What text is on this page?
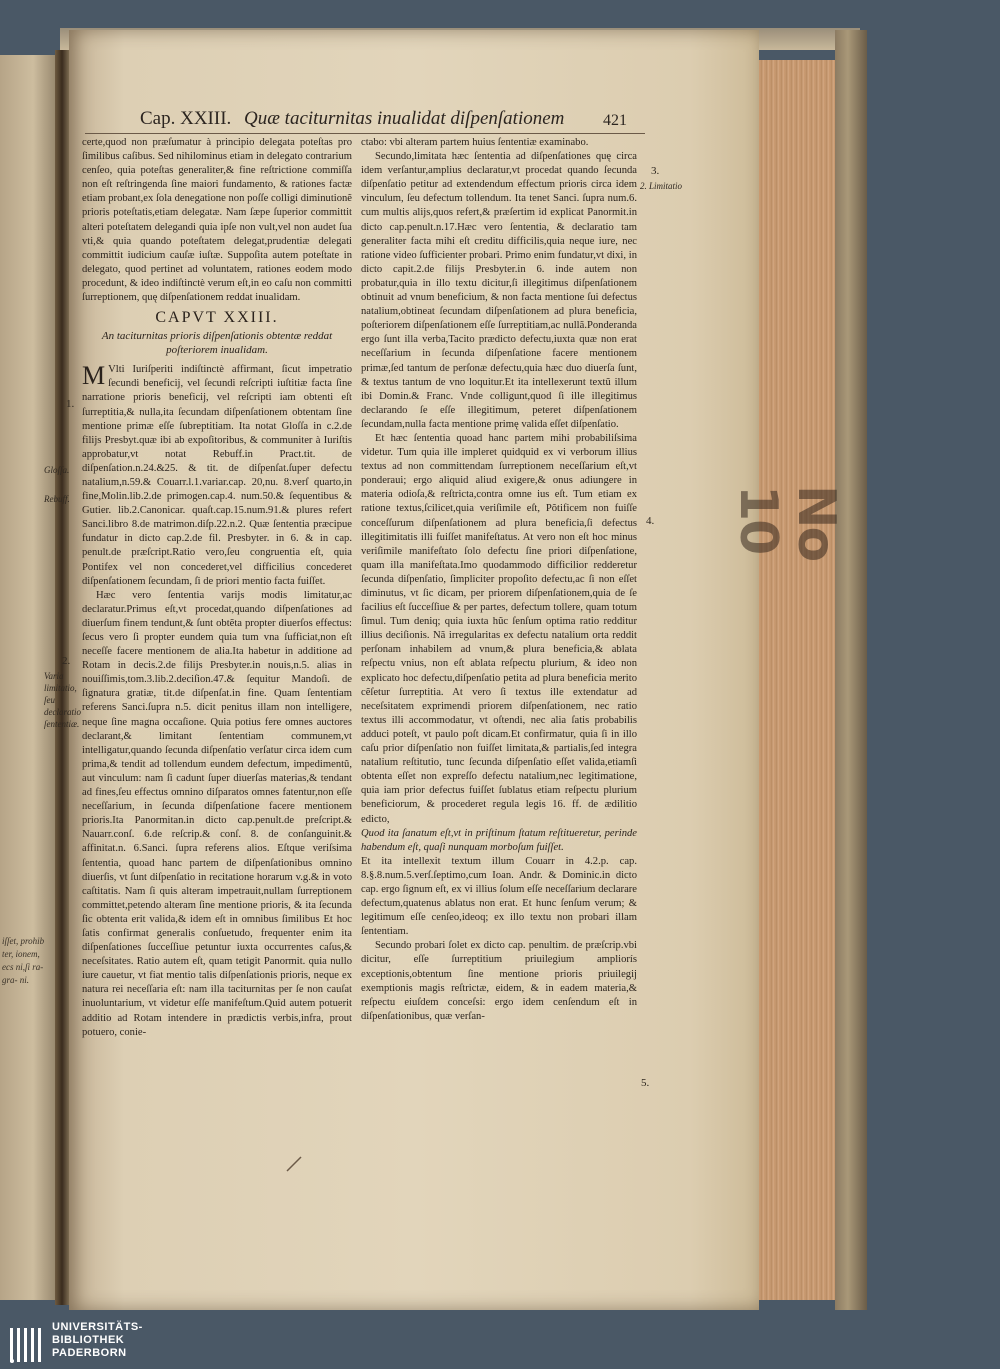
iſſet, prohib ter, ionem, ecs ni,ſi ra- gra- ni.
Cap. XXIII. Quæ taciturnitas inualidat diſpenſationem	421

certe,quod non præſumatur à principio delegata poteſtas pro ſimilibus caſibus. Sed nihilominus etiam in delegato contrarium cenſeo, quia poteſtas generaliter,& fine reſtrictione commiſſa non eſt reſtringenda ſine maiori fundamento, & rationes factæ etiam probant,ex ſola denegatione non poſſe colligi diminutionẽ prioris poteſtatis,etiam delegatæ. Nam ſæpe ſuperior committit alteri poteſtatem delegandi quia ipſe non vult,vel non audet ſua vti,& quia quando poteſtatem delegat,prudentiæ delegati committit iudicium cauſæ iuſtæ. Suppoſita autem poteſtate in delegato, quod pertinet ad voluntatem, rationes eodem modo procedunt, & ideo indiſtinctè verum eſt,in eo caſu non committi ſurreptionem, quę diſpenſationem reddat inualidam.

CAPVT XXIII.
An taciturnitas prioris diſpenſationis obtentæ reddat poſteriorem inualidam.

M Vlti Iuriſperiti indiſtinctè affirmant, ſicut impetratio ſecundi beneficij, vel ſecundi reſcripti iuſtitiæ facta ſine narratione prioris beneficij, vel reſcripti iam obtenti eſt ſurreptitia,& nulla,ita ſecundam diſpenſationem obtentam ſine mentione primæ eſſe ſubreptitiam. Ita notat Gloſſa in c.2.de filijs Presbyt.quæ ibi ab expoſitoribus, & communiter à Iuriſtis approbatur,vt notat Rebuff.in Pract.tit. de diſpenſation.n.24.&25. & tit. de diſpenſat.ſuper defectu natalium,n.59.& Couarr.l.1.variar.cap. 20,nu. 8.verſ quarto,in fine,Molin.lib.2.de primogen.cap.4. num.50.& ſequentibus & Gutier. lib.2.Canonicar. quaſt.cap.15.num.91.& plures refert Sanci.libro 8.de matrimon.diſp.22.n.2. Quæ ſententia præcipue fundatur in dicto cap.2.de fil. Presbyter. in 6. & in cap. penult.de præſcript.Ratio vero,ſeu congruentia eſt, quia Pontifex vel non concederet,vel difficilius concederet diſpenſationem ſecundam, ſi de priori mentio facta fuiſſet.

Hæc vero ſententia varijs modis limitatur,ac declaratur.Primus eſt,vt procedat,quando diſpenſationes ad diuerſum finem tendunt,& ſunt obtẽta propter diuerſos effectus: ſecus vero ſi propter eundem quia tum vna ſufficiat,non eſt neceſſe facere mentionem de alia.Ita habetur in additione ad Rotam in decis.2.de filijs Presbyter.in nouis,n.5. alias in nouiſſimis,tom.3.lib.2.deciſion.47.& ſequitur Mandoſi. de ſignatura gratiæ, tit.de diſpenſat.in fine. Quam ſententiam referens Sanci.ſupra n.5. dicit penitus illam non intelligere, neque ſine magna occaſione. Quia potius fere omnes auctores declarant,& limitant ſententiam communem,vt intelligatur,quando ſecunda diſpenſatio verſatur circa idem cum prima,& tendit ad tollendum eundem defectum, impedimentũ, aut vinculum: nam ſi cadunt ſuper diuerſas materias,& tendant ad fines,ſeu effectus omnino diſparatos omnes fatentur,non eſſe neceſſarium, in ſecunda diſpenſatione facere mentionem prioris.Ita Panormitan.in dicto cap.penult.de preſcript.& Nauarr.conſ. 6.de reſcrip.& conſ. 8. de conſanguinit.& affinitat.n. 6.Sanci. ſupra referens alios. Eſtque veriſsima ſententia, quoad hanc partem de diſpenſationibus omnino diuerſis, vt ſunt diſpenſatio in recitatione horarum v.g.& in voto caſtitatis. Nam ſi quis alteram impetrauit,nullam ſurreptionem committet,petendo alteram ſine mentione prioris, & ita ſecunda ſic obtenta erit valida,& idem eſt in omnibus ſimilibus Et hoc ſatis confirmat generalis conſuetudo, frequenter enim ita diſpenſationes ſucceſſiue petuntur iuxta occurrentes caſus,& neceſsitates. Ratio autem eſt, quam tetigit Panormit. quia nullo iure cauetur, vt fiat mentio talis diſpenſationis prioris, neque ex natura rei neceſſaria eſt: nam illa taciturnitas per ſe non cauſat inuoluntarium, vt videtur eſſe manifeſtum.Quid autem potuerit additio ad Rotam intendere in prædictis verbis,infra, prout potuero, conie-

ctabo: vbi alteram partem huius ſententiæ examinabo.

Secundo,limitata hæc ſententia ad diſpenſationes quę circa idem verſantur,amplius declaratur,vt procedat quando ſecunda diſpenſatio petitur ad extendendum effectum prioris circa idem vinculum, ſeu defectum tollendum. Ita tenet Sanci. ſupra num.6. cum multis alijs,quos refert,& præſertim id explicat Panormit.in dicto cap.penult.n.17.Hæc vero ſententia, & declaratio tam generaliter facta mihi eſt creditu difficilis,quia neque iure, nec ratione video ſufficienter probari. Primo enim fundatur,vt dixi, in dicto capit.2.de filijs Presbyter.in 6. inde autem non probatur,quia in illo textu dicitur,ſi illegitimus diſpenſationem obtinuit ad vnum beneficium, & non facta mentione ſui defectus natalium,obtineat ſecundam diſpenſationem ad plura beneficia, poſteriorem diſpenſationem eſſe ſurreptitiam,ac nullã.Ponderanda ergo ſunt illa verba,Tacito prædicto defectu,iuxta quæ non erat neceſſarium in ſecunda diſpenſatione facere mentionem primæ,ſed tantum de perſonæ defectu,quia hæc duo diuerſa ſunt, & textus tantum de vno loquitur.Et ita intellexerunt textũ illum ibi Domin.& Franc. Vnde colligunt,quod ſi ille illegitimus declarando ſe eſſe illegitimum, peteret diſpenſationem ſecundam,nulla facta mentione primę valida eſſet diſpenſatio.

Et hæc ſententia quoad hanc partem mihi probabiliſsima videtur. Tum quia ille impleret quidquid ex vi verborum illius textus ad non committendam ſurreptionem neceſſarium eſt,vt ponderaui; ergo aliquid aliud exigere,& onus adiungere in materia odioſa,& reſtricta,contra omne ius eſt. Tum etiam ex ratione textus,ſcilicet,quia veriſimile eſt, Põtificem non fuiſſe conceſſurum diſpenſationem ad plura beneficia,ſi defectus illegitimitatis illi fuiſſet manifeſtatus. At vero non eſt hoc minus veriſimile manifeſtato ſolo defectu ſine priori diſpenſatione, quam illa manifeſtata.Imo quodammodo difficilior redderetur ſecunda diſpenſatio, ſimpliciter propoſito defectu,ac ſi non eſſet diminutus, vt ſic dicam, per priorem diſpenſationem,quia de ſe facilius eſt ſucceſſiue & per partes, defectum tollere, quam totum ſimul. Tum deniq; quia iuxta hũc ſenſum optima ratio redditur illius deciſionis. Nã irregularitas ex defectu natalium orta reddit perſonam inhabilem ad vnum,& plura beneficia,& ablata reſpectu vnius, non eſt ablata reſpectu plurium, & ideo non explicato hoc defectu,diſpenſatio petita ad plura beneficia merito cẽſetur ſurreptitia. At vero ſi textus ille extendatur ad neceſsitatem exprimendi priorem diſpenſationem, nec ratio textus illi accommodatur, vt oſtendi, nec alia ſatis probabilis adduci poteſt, vt paulo poſt dicam.Et confirmatur, quia ſi in illo caſu prior diſpenſatio non fuiſſet limitata,& partialis,ſed integra natalium reſtitutio, tunc ſecunda diſpenſatio eſſet valida,etiamſi obtenta eſſet non expreſſo defectu natalium,nec legitimatione, quia iam prior defectus fuiſſet ſublatus etiam reſpectu plurium beneficiorum, & procederet regula legis 16. ff. de ædilitio edicto,

Quod ita ſanatum eſt,vt in priſtinum ſtatum reſtitueretur, perinde habendum eſt, quaſi nunquam morboſum fuiſſet.

Et ita intellexit textum illum Couarr in 4.2.p. cap. 8.§.8.num.5.verſ.ſeptimo,cum Ioan. Andr. & Dominic.in dicto cap. ergo ſignum eſt, ex vi illius ſolum eſſe neceſſarium declarare defectum,quatenus ablatus non erat. Et hunc ſenſum verum; & legitimum eſſe cenſeo,ideoq; ex illo textu non probari illam ſententiam.

Secundo probari ſolet ex dicto cap. penultim. de præſcrip.vbi dicitur, eſſe ſurreptitium priuilegium ampliorís exceptionis,obtentum ſine mentione prioris priuilegij exemptionis magis reſtrictæ, eidem, & in eadem materia,& reſpectu eiuſdem conceſsi: ergo idem cenſendum eſt in diſpenſationibus, quæ verſan-

1.
Gloſſa.
Rebuff.
2.
Varia limitatio, ſeu declaratio ſententiæ.
3.
2. Limitatio
4.
5.
No 10
UNIVERSITÄTS-
BIBLIOTHEK
PADERBORN
